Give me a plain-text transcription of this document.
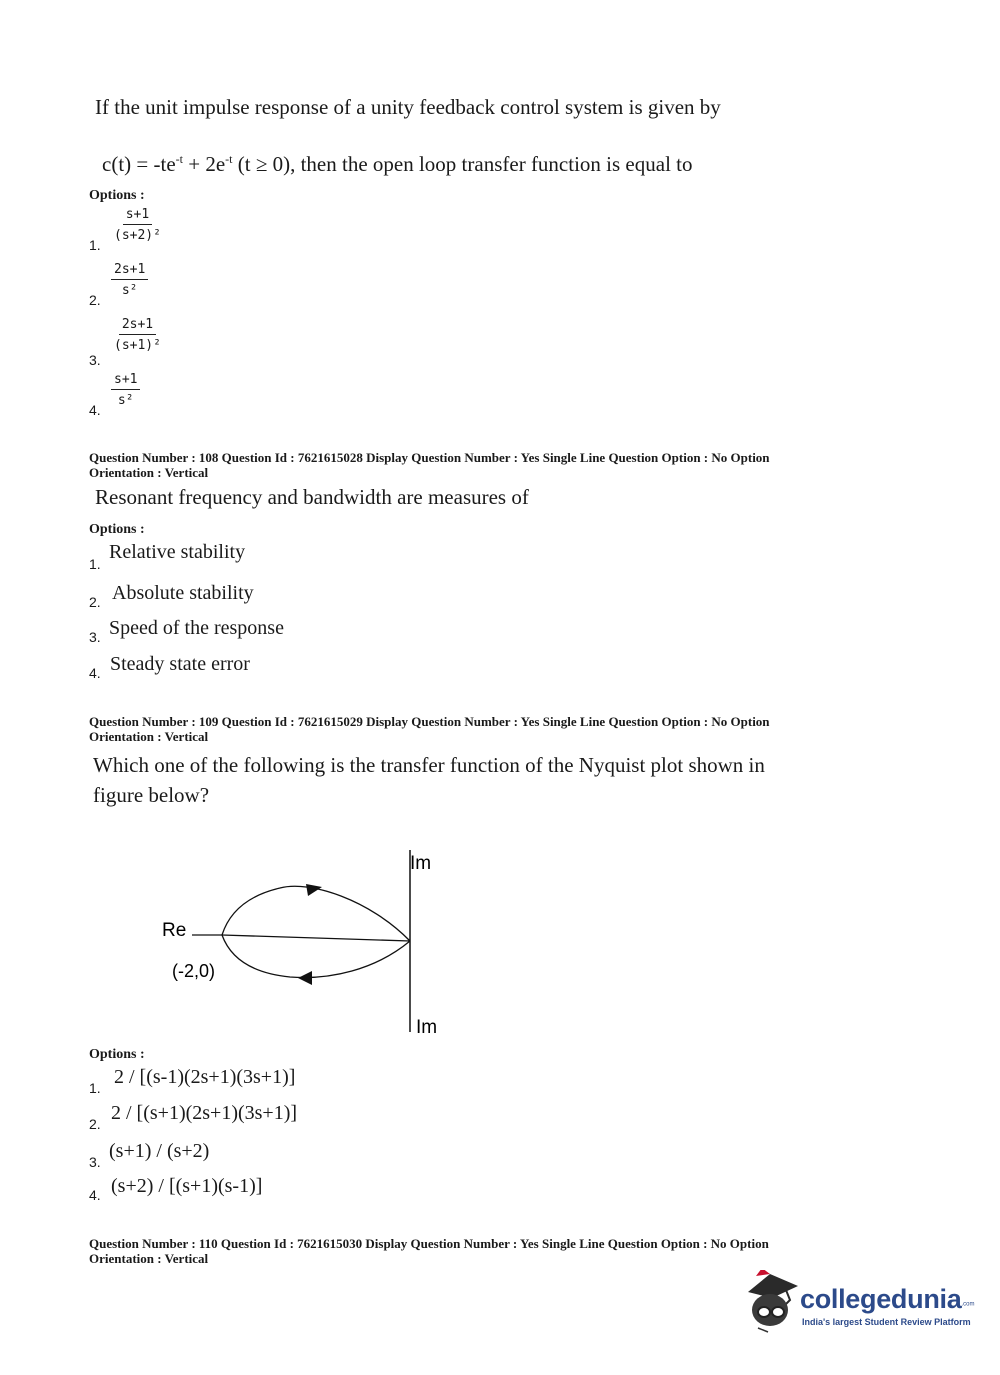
If the unit impulse response of a unity feedback control system is given by
$c(t) = -te^{-t} + 2e^{-t}$ (t ≥ 0), then the open loop transfer function is equal to
Options :
1.
$\frac{s+1}{\text{(s+2)²}}$
2.
$\frac{2s+1}{\text{s²}}$
3.
$\frac{2s+1}{\text{(s+1)²}}$
4.
$\frac{s+1}{\text{s²}}$
Question Number : 108 Question Id : 7621615028 Display Question Number : Yes Single Line Question Option : No Option
Orientation : Vertical
Resonant frequency and bandwidth are measures of
Options :
1.
Relative stability
2. Absolute stability
3. Speed of the response
4. Steady state error
Question Number : 109 Question Id : 7621615029 Display Question Number : Yes Single Line Question Option : No Option
Orientation : Vertical
Which one of the following is the transfer function of the Nyquist plot shown in
figure below?
Im
Im
Re
(-2,0)
Options :
1. 2 / [(s-1)(2s+1)(3s+1)]
2. 2 / [(s+1)(2s+1)(3s+1)]
3. (s+1) / (s+2)
4. (s+2) / [(s+1)(s-1)]
Question Number : 110 Question Id : 7621615030 Display Question Number : Yes Single Line Question Option : No Option
Orientation : Vertical
collegedunia.com
India's largest Student Review Platform
